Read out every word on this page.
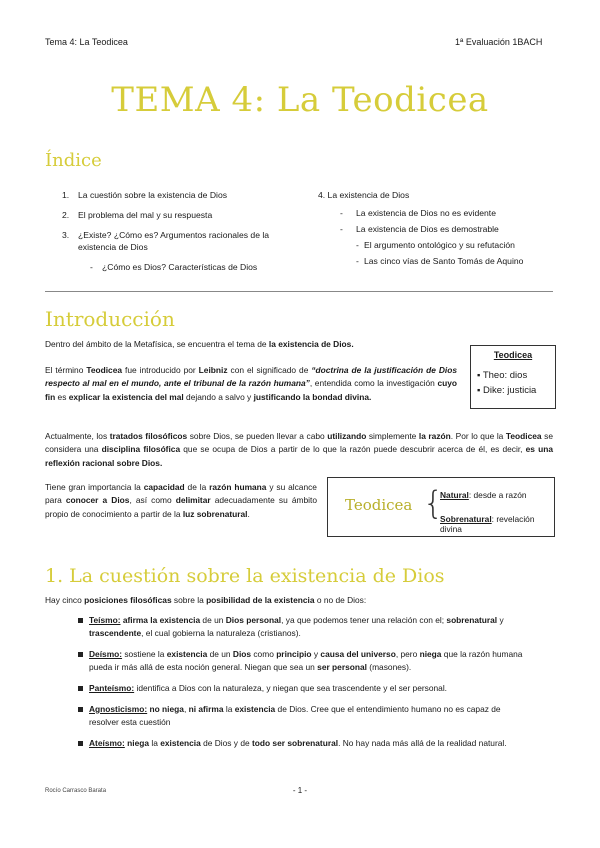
Tema 4: La Teodicea	1ª Evaluación 1BACH
TEMA 4: La Teodicea
Índice
1. La cuestión sobre la existencia de Dios
2. El problema del mal y su respuesta
3. ¿Existe? ¿Cómo es? Argumentos racionales de la existencia de Dios
- ¿Cómo es Dios? Características de Dios
4. La existencia de Dios
- La existencia de Dios no es evidente
- La existencia de Dios es demostrable
- El argumento ontológico y su refutación
- Las cinco vías de Santo Tomás de Aquino
Introducción
Dentro del ámbito de la Metafísica, se encuentra el tema de la existencia de Dios.
El término Teodicea fue introducido por Leibniz con el significado de “doctrina de la justificación de Dios respecto al mal en el mundo, ante el tribunal de la razón humana”, entendida como la investigación cuyo fin es explicar la existencia del mal dejando a salvo y justificando la bondad divina.
Teodicea
▪ Theo: dios
▪ Dike: justicia
Actualmente, los tratados filosóficos sobre Dios, se pueden llevar a cabo utilizando simplemente la razón. Por lo que la Teodicea se considera una disciplina filosófica que se ocupa de Dios a partir de lo que la razón puede descubrir acerca de él, es decir, es una reflexión racional sobre Dios.
Tiene gran importancia la capacidad de la razón humana y su alcance para conocer a Dios, así como delimitar adecuadamente su ámbito propio de conocimiento a partir de la luz sobrenatural.	Teodicea {
Natural: desde a razón
Sobrenatural: revelación divina
1. La cuestión sobre la existencia de Dios
Hay cinco posiciones filosóficas sobre la posibilidad de la existencia o no de Dios:
Teísmo: afirma la existencia de un Dios personal, ya que podemos tener una relación con el; sobrenatural y trascendente, el cual gobierna la naturaleza (cristianos).
Deísmo: sostiene la existencia de un Dios como principio y causa del universo, pero niega que la razón humana pueda ir más allá de esta noción general. Niegan que sea un ser personal (masones).
Panteísmo: identifica a Dios con la naturaleza, y niegan que sea trascendente y el ser personal.
Agnosticismo: no niega, ni afirma la existencia de Dios. Cree que el entendimiento humano no es capaz de resolver esta cuestión
Ateísmo: niega la existencia de Dios y de todo ser sobrenatural. No hay nada más allá de la realidad natural.
Rocío Carrasco Barata	- 1 -
